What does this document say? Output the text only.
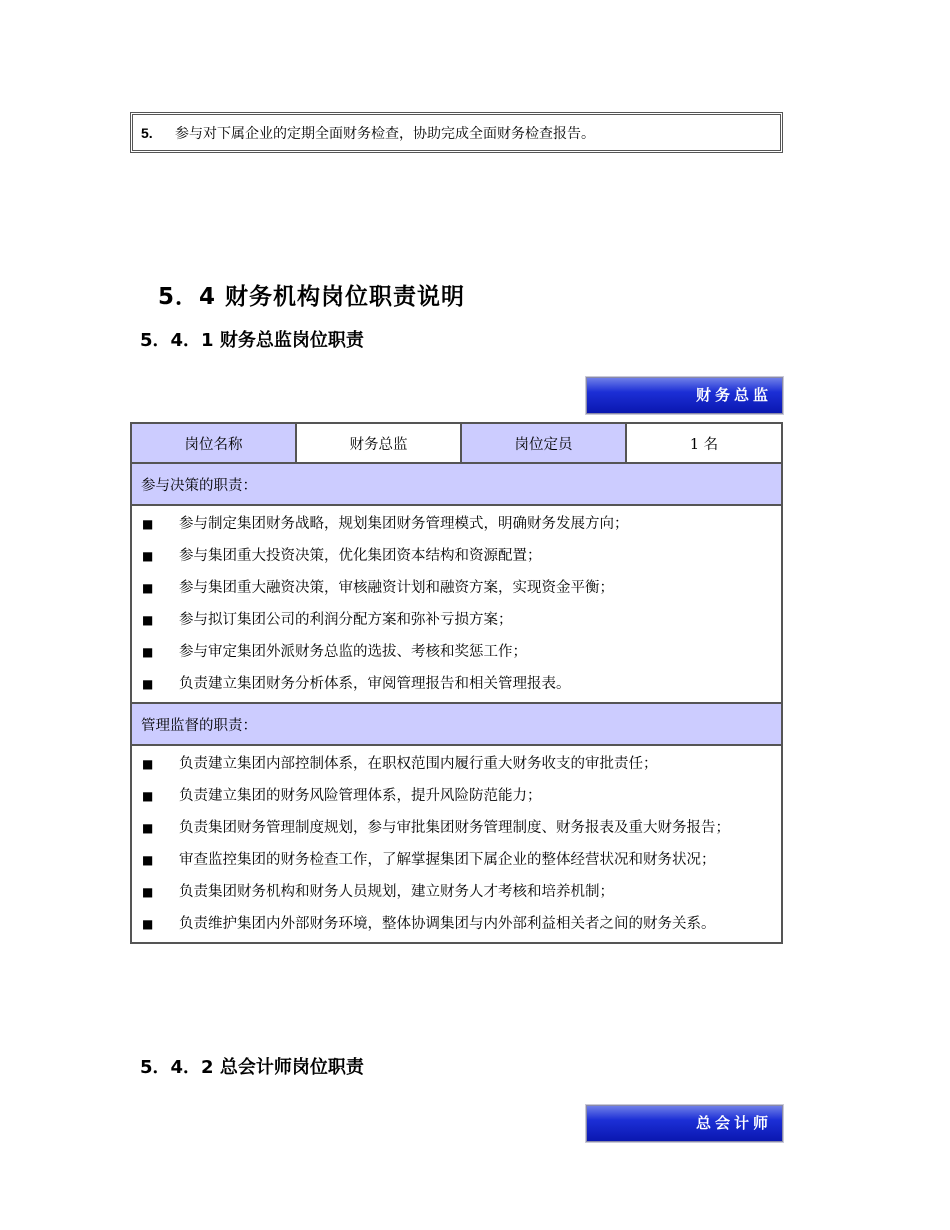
5.	参与对下属企业的定期全面财务检查，协助完成全面财务检查报告。
5．4 财务机构岗位职责说明
5．4．1 财务总监岗位职责
财务总监
岗位名称	财务总监	岗位定员	1 名
参与决策的职责：

■	参与制定集团财务战略，规划集团财务管理模式，明确财务发展方向；
■	参与集团重大投资决策，优化集团资本结构和资源配置；
■	参与集团重大融资决策，审核融资计划和融资方案，实现资金平衡；
■	参与拟订集团公司的利润分配方案和弥补亏损方案；
■	参与审定集团外派财务总监的选拔、考核和奖惩工作；
■	负责建立集团财务分析体系，审阅管理报告和相关管理报表。

管理监督的职责：

■	负责建立集团内部控制体系，在职权范围内履行重大财务收支的审批责任；
■	负责建立集团的财务风险管理体系，提升风险防范能力；
■	负责集团财务管理制度规划，参与审批集团财务管理制度、财务报表及重大财务报告；
■	审查监控集团的财务检查工作，了解掌握集团下属企业的整体经营状况和财务状况；
■	负责集团财务机构和财务人员规划，建立财务人才考核和培养机制；
■	负责维护集团内外部财务环境，整体协调集团与内外部利益相关者之间的财务关系。
5．4．2 总会计师岗位职责
总会计师
